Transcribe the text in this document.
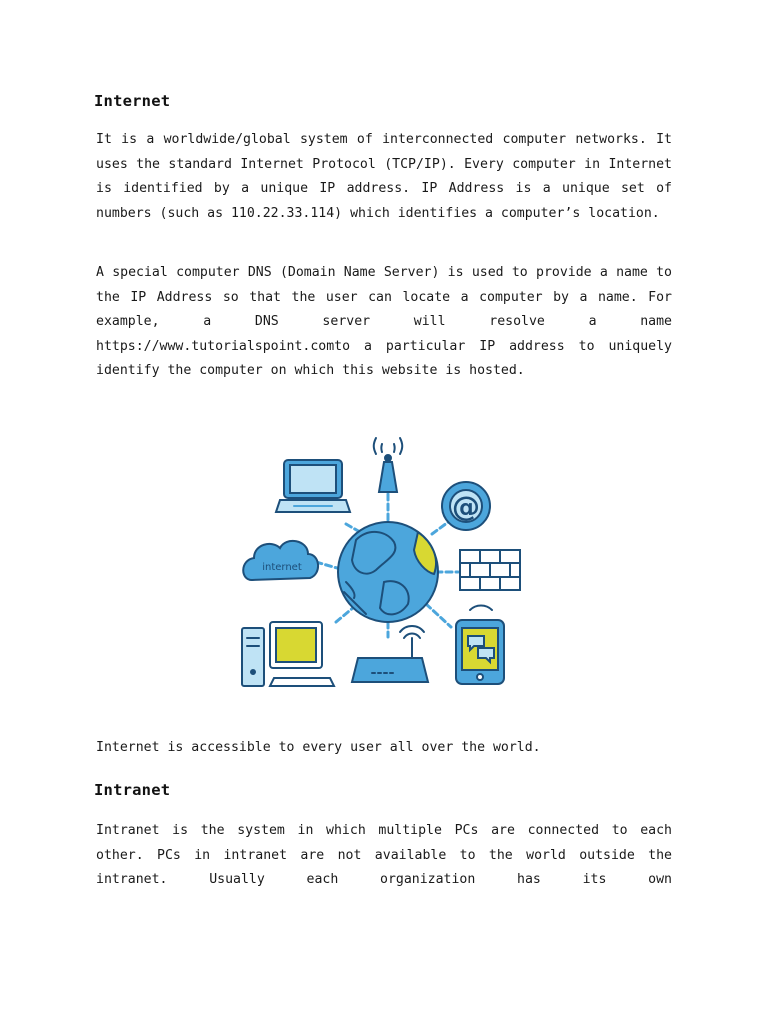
Internet

It is a worldwide/global system of interconnected computer networks. It uses the standard Internet Protocol (TCP/IP). Every computer in Internet is identified by a unique IP address. IP Address is a unique set of numbers (such as 110.22.33.114) which identifies a computer’s location.

A special computer DNS (Domain Name Server) is used to provide a name to the IP Address so that the user can locate a computer by a name. For example, a DNS server will resolve a name https://www.tutorialspoint.comto a particular IP address to uniquely identify the computer on which this website is hosted.

@
internet

Internet is accessible to every user all over the world.

Intranet

Intranet is the system in which multiple PCs are connected to each other. PCs in intranet are not available to the world outside the intranet. Usually each organization has its own
